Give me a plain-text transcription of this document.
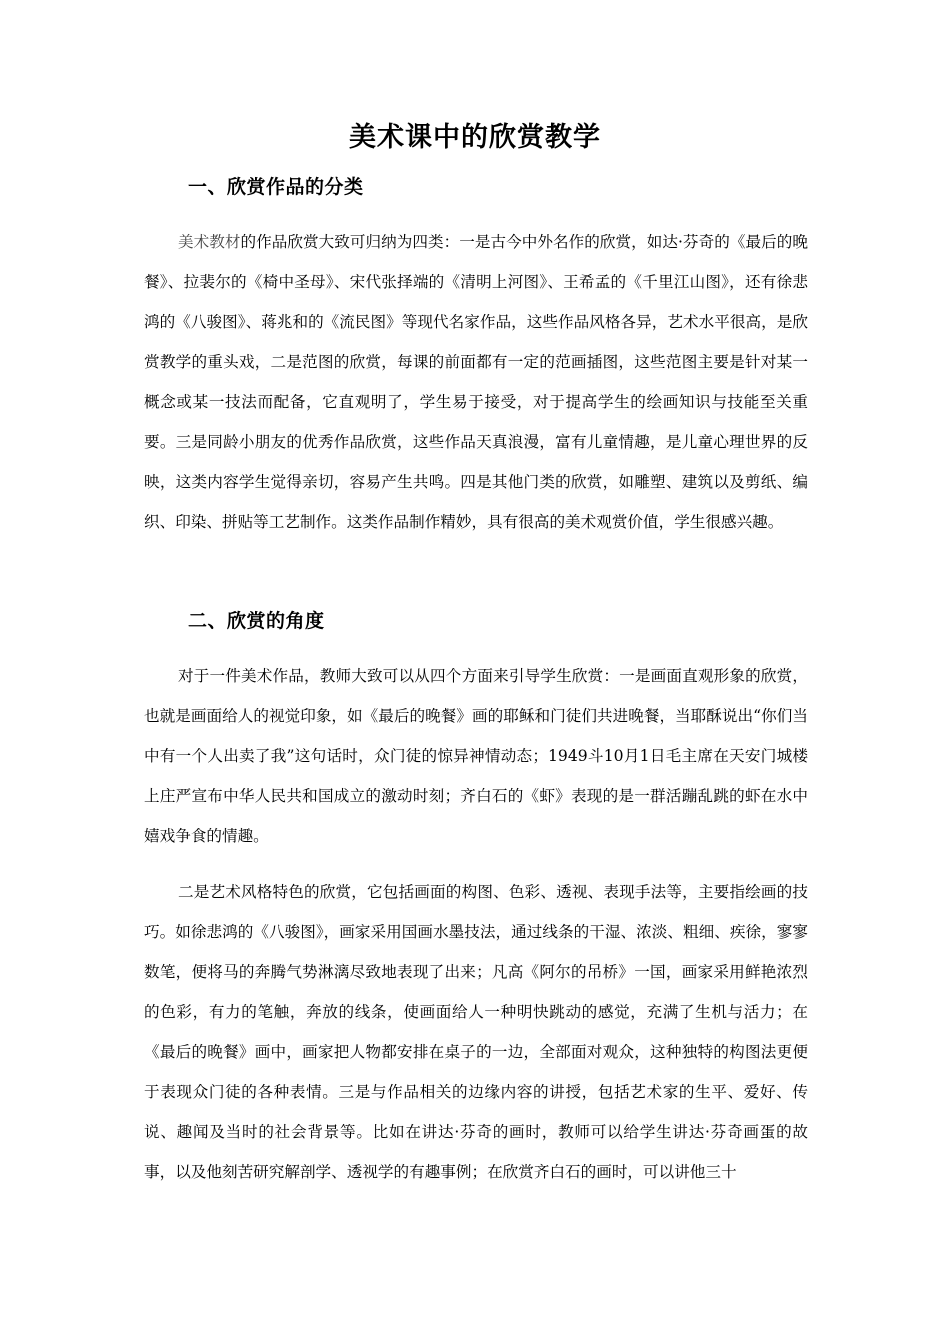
美术课中的欣赏教学
一、欣赏作品的分类

美术教材的作品欣赏大致可归纳为四类：一是古今中外名作的欣赏，如达·芬奇的《最后的晚餐》、拉裴尔的《椅中圣母》、宋代张择端的《清明上河图》、王希孟的《千里江山图》，还有徐悲鸿的《八骏图》、蒋兆和的《流民图》等现代名家作品，这些作品风格各异，艺术水平很高，是欣赏教学的重头戏，二是范图的欣赏，每课的前面都有一定的范画插图，这些范图主要是针对某一概念或某一技法而配备，它直观明了，学生易于接受，对于提高学生的绘画知识与技能至关重要。三是同龄小朋友的优秀作品欣赏，这些作品天真浪漫，富有儿童情趣，是儿童心理世界的反映，这类内容学生觉得亲切，容易产生共鸣。四是其他门类的欣赏，如雕塑、建筑以及剪纸、编织、印染、拼贴等工艺制作。这类作品制作精妙，具有很高的美术观赏价值，学生很感兴趣。

二、欣赏的角度

对于一件美术作品，教师大致可以从四个方面来引导学生欣赏：一是画面直观形象的欣赏，也就是画面给人的视觉印象，如《最后的晚餐》画的耶稣和门徒们共进晚餐，当耶酥说出“你们当中有一个人出卖了我”这句话时，众门徒的惊异神情动态；1949斗10月1日毛主席在天安门城楼上庄严宣布中华人民共和国成立的激动时刻；齐白石的《虾》表现的是一群活蹦乱跳的虾在水中嬉戏争食的情趣。

二是艺术风格特色的欣赏，它包括画面的构图、色彩、透视、表现手法等，主要指绘画的技巧。如徐悲鸿的《八骏图》，画家采用国画水墨技法，通过线条的干湿、浓淡、粗细、疾徐，寥寥数笔，便将马的奔腾气势淋漓尽致地表现了出来；凡高《阿尔的吊桥》一国，画家采用鲜艳浓烈的色彩，有力的笔触，奔放的线条，使画面给人一种明快跳动的感觉，充满了生机与活力；在《最后的晚餐》画中，画家把人物都安排在桌子的一边，全部面对观众，这种独特的构图法更便于表现众门徒的各种表情。三是与作品相关的边缘内容的讲授，包括艺术家的生平、爱好、传说、趣闻及当时的社会背景等。比如在讲达·芬奇的画时，教师可以给学生讲达·芬奇画蛋的故事，以及他刻苦研究解剖学、透视学的有趣事例；在欣赏齐白石的画时，可以讲他三十
